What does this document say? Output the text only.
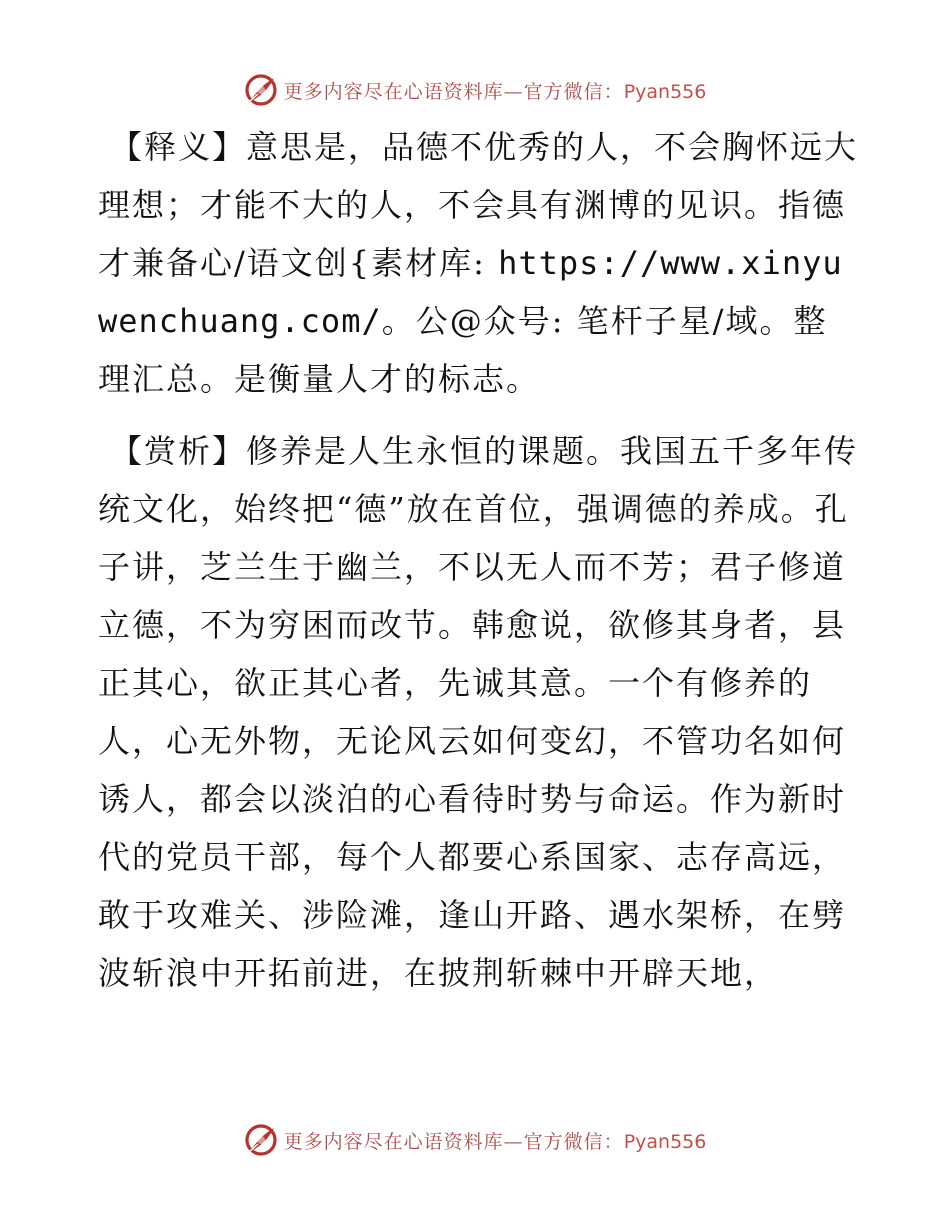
更多内容尽在心语资料库—官方微信：Pyan556

【释义】意思是，品德不优秀的人，不会胸怀远大理想；才能不大的人，不会具有渊博的见识。指德才兼备心/语文创{素材库: https://www.xinyuwenchuang.com/。公@众号: 笔杆子星/域。整理汇总。是衡量人才的标志。

【赏析】修养是人生永恒的课题。我国五千多年传统文化，始终把“德”放在首位，强调德的养成。孔子讲，芝兰生于幽兰，不以无人而不芳；君子修道立德，不为穷困而改节。韩愈说，欲修其身者，县正其心，欲正其心者，先诚其意。一个有修养的人，心无外物，无论风云如何变幻，不管功名如何诱人，都会以淡泊的心看待时势与命运。作为新时代的党员干部，每个人都要心系国家、志存高远，敢于攻难关、涉险滩，逢山开路、遇水架桥，在劈波斩浪中开拓前进，在披荆斩棘中开辟天地，

更多内容尽在心语资料库—官方微信：Pyan556
